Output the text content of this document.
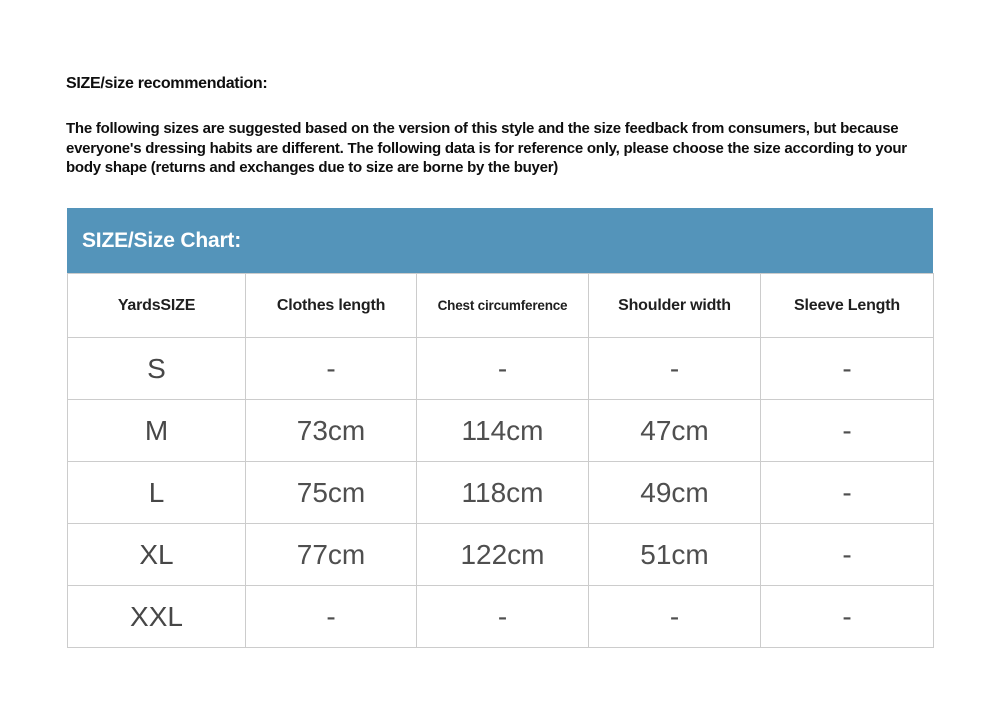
SIZE/size recommendation:

The following sizes are suggested based on the version of this style and the size feedback from consumers, but because everyone's dressing habits are different. The following data is for reference only, please choose the size according to your body shape (returns and exchanges due to size are borne by the buyer)

SIZE/Size Chart:
YardsSIZE	Clothes length	Chest circumference	Shoulder width	Sleeve Length
S	-	-	-	-
M	73cm	114cm	47cm	-
L	75cm	118cm	49cm	-
XL	77cm	122cm	51cm	-
XXL	-	-	-	-
